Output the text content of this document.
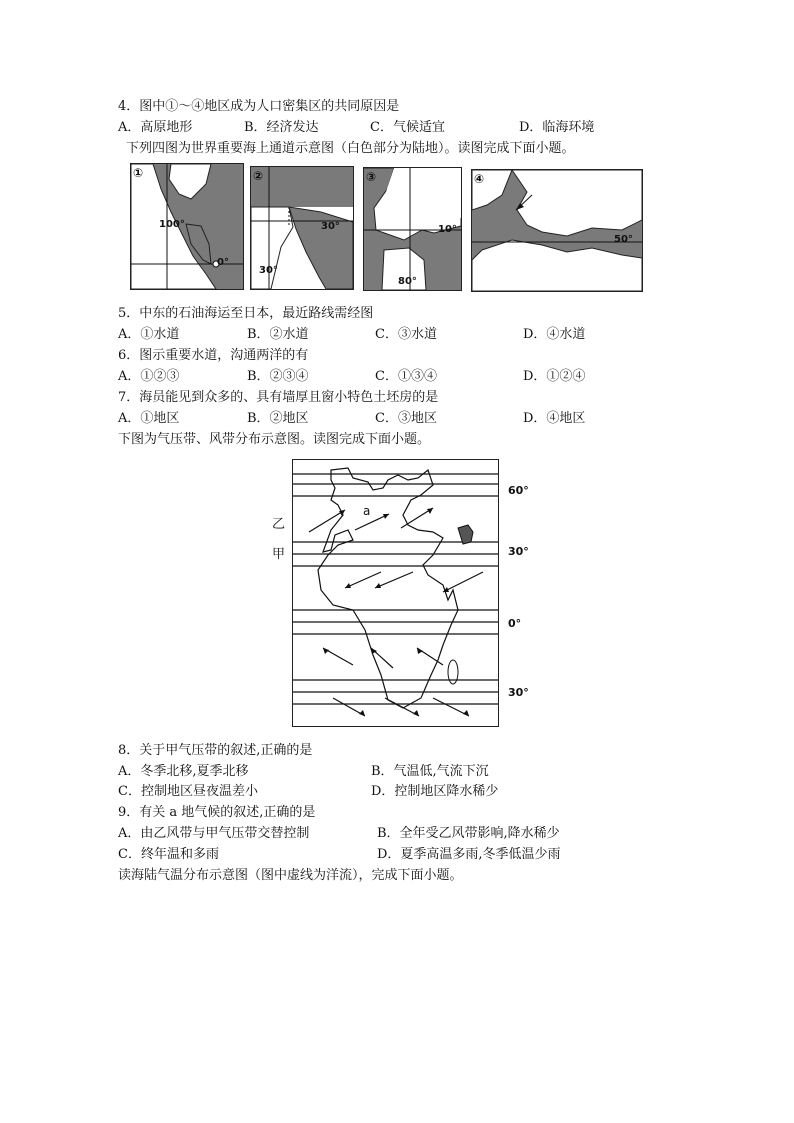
4．图中①～④地区成为人口密集区的共同原因是
A．高原地形	B．经济发达	C．气候适宜	D．临海环境
下列四图为世界重要海上通道示意图（白色部分为陆地）。读图完成下面小题。
①
100°
0°
②
30°
30°
③
10°
80°
④
50°
5．中东的石油海运至日本，最近路线需经图
A．①水道	B．②水道	C．③水道	D．④水道
6．图示重要水道，沟通两洋的有
A．①②③	B．②③④	C．①③④	D．①②④
7．海员能见到众多的、具有墙厚且窗小特色土坯房的是
A．①地区	B．②地区	C．③地区	D．④地区
下图为气压带、风带分布示意图。读图完成下面小题。
a
乙
甲
60°
30°
0°
30°
8．关于甲气压带的叙述,正确的是
A．冬季北移,夏季北移	B．气温低,气流下沉
C．控制地区昼夜温差小	D．控制地区降水稀少
9．有关 a 地气候的叙述,正确的是
A．由乙风带与甲气压带交替控制	B．全年受乙风带影响,降水稀少
C．终年温和多雨	D．夏季高温多雨,冬季低温少雨
读海陆气温分布示意图（图中虚线为洋流），完成下面小题。
